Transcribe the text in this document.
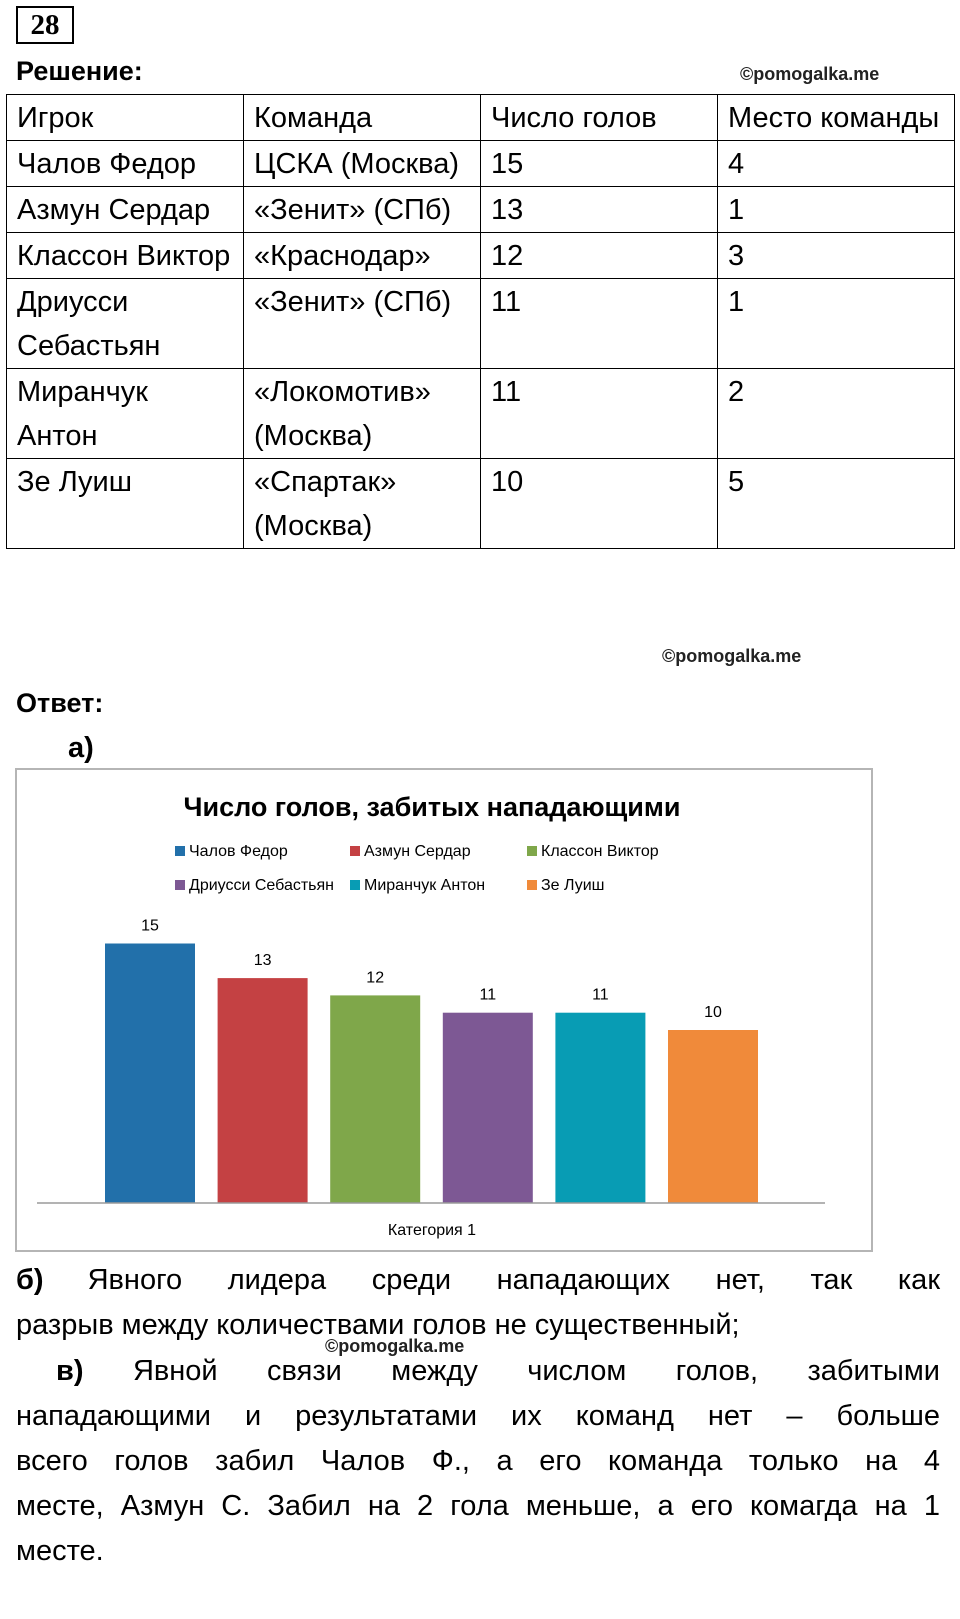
28
Решение:	©pomogalka.me
Игрок	Команда	Число голов	Место команды
Чалов Федор	ЦСКА (Москва)	15	4
Азмун Сердар	«Зенит» (СПб)	13	1
Классон Виктор	«Краснодар»	12	3
Дриусси Себастьян	«Зенит» (СПб)	11	1
Миранчук Антон	«Локомотив» (Москва)	11	2
Зе Луиш	«Спартак» (Москва)	10	5
©pomogalka.me
Ответ:
а)
Число голов, забитых нападающими
Чалов Федор	Азмун Сердар	Классон Виктор
Дриусси Себастьян Миранчук Антон	Зе Луиш
15
13
12
11	11
10
Категория 1
б) Явного лидера среди нападающих нет, так как
разрыв между количествами голов не существенный;
©pomogalka.me
в) Явной связи между числом голов, забитыми
нападающими и результатами их команд нет – больше
всего голов забил Чалов Ф., а его команда только на 4
месте, Азмун С. Забил на 2 гола меньше, а его комагда на 1
месте.
